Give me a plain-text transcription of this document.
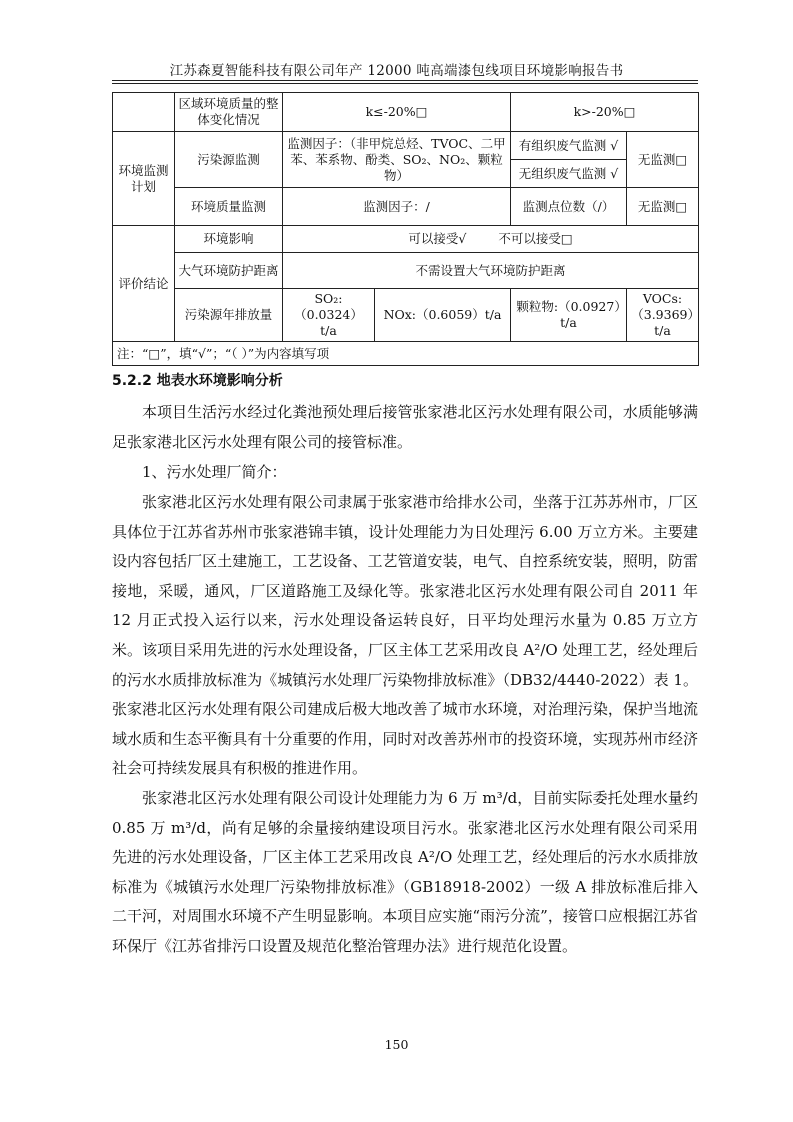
江苏森夏智能科技有限公司年产 12000 吨高端漆包线项目环境影响报告书
	区域环境质量的整体变化情况	k≤-20%□		k>-20%□	
环境监测计划	污染源监测	监测因子：（非甲烷总烃、TVOC、二甲苯、苯系物、酚类、SO₂、NO₂、颗粒物）		有组织废气监测 √	无监测□
				无组织废气监测 √	
	环境质量监测	监测因子：/		监测点位数（/）	无监测□
评价结论	环境影响	可以接受√ 不可以接受□			
	大气环境防护距离	不需设置大气环境防护距离			
	污染源年排放量	SO₂:（0.0324）t/a	NOx:（0.6059）t/a	颗粒物:（0.0927）t/a	VOCs:（3.9369）t/a
注：“□”，填“√”；“（ ）”为内容填写项					
5.2.2 地表水环境影响分析

本项目生活污水经过化粪池预处理后接管张家港北区污水处理有限公司，水质能够满足张家港北区污水处理有限公司的接管标准。

1、污水处理厂简介：

张家港北区污水处理有限公司隶属于张家港市给排水公司，坐落于江苏苏州市，厂区具体位于江苏省苏州市张家港锦丰镇，设计处理能力为日处理污 6.00 万立方米。主要建设内容包括厂区土建施工，工艺设备、工艺管道安装，电气、自控系统安装，照明，防雷接地，采暖，通风，厂区道路施工及绿化等。张家港北区污水处理有限公司自 2011 年 12 月正式投入运行以来，污水处理设备运转良好，日平均处理污水量为 0.85 万立方米。该项目采用先进的污水处理设备，厂区主体工艺采用改良 A²/O 处理工艺，经处理后的污水水质排放标准为《城镇污水处理厂污染物排放标准》（DB32/4440-2022）表 1。张家港北区污水处理有限公司建成后极大地改善了城市水环境，对治理污染，保护当地流域水质和生态平衡具有十分重要的作用，同时对改善苏州市的投资环境，实现苏州市经济社会可持续发展具有积极的推进作用。

张家港北区污水处理有限公司设计处理能力为 6 万 m³/d，目前实际委托处理水量约 0.85 万 m³/d，尚有足够的余量接纳建设项目污水。张家港北区污水处理有限公司采用先进的污水处理设备，厂区主体工艺采用改良 A²/O 处理工艺，经处理后的污水水质排放标准为《城镇污水处理厂污染物排放标准》（GB18918-2002）一级 A 排放标准后排入二干河，对周围水环境不产生明显影响。本项目应实施“雨污分流”，接管口应根据江苏省环保厅《江苏省排污口设置及规范化整治管理办法》进行规范化设置。

150
